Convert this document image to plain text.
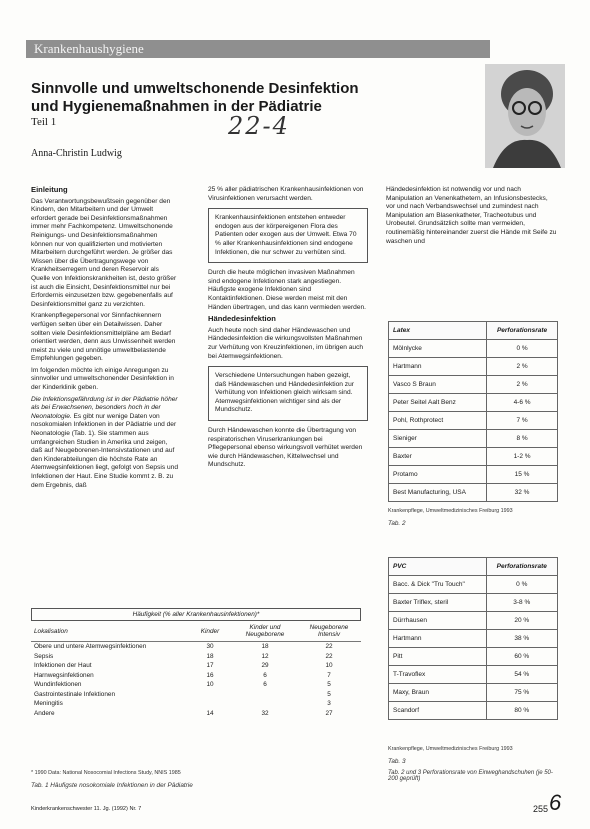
Krankenhaushygiene
Sinnvolle und umweltschonende Desinfektion
und Hygienemaßnahmen in der Pädiatrie
Teil 1	22-4
Anna-Christin Ludwig
Einleitung

Das Verantwortungsbewußtsein gegenüber den Kindern, den Mitarbeitern und der Umwelt erfordert gerade bei Desinfektionsmaßnahmen immer mehr Fachkompetenz. Umweltschonende Reinigungs- und Desinfektionsmaßnahmen können nur von qualifizierten und motivierten Mitarbeitern durchgeführt werden. Je größer das Wissen über die Übertragungswege von Krankheitserregern und deren Reservoir als Quelle von Infektionskrankheiten ist, desto größer ist auch die Einsicht, Desinfektionsmittel nur bei Erfordernis einzusetzen bzw. gegebenenfalls auf Desinfektionsmittel ganz zu verzichten.

Krankenpflegepersonal vor Sinnfachkennern verfügen selten über ein Detailwissen. Daher sollten viele Desinfektionsmittelpläne am Bedarf orientiert werden, denn aus Unwissenheit werden meist zu viele und unnötige umweltbelastende Empfehlungen gegeben.

Im folgenden möchte ich einige Anregungen zu sinnvoller und umweltschonender Desinfektion in der Kinderklinik geben.

Die Infektionsgefährdung ist in der Pädiatrie höher als bei Erwachsenen, besonders hoch in der Neonatologie. Es gibt nur wenige Daten von nosokomialen Infektionen in der Pädiatrie und der Neonatologie (Tab. 1). Sie stammen aus umfangreichen Studien in Amerika und zeigen, daß auf Neugeborenen-Intensivstationen und auf den Kinderabteilungen die höchste Rate an Atemwegsinfektionen liegt, gefolgt von Sepsis und Infektionen der Haut. Eine Studie kommt z. B. zu dem Ergebnis, daß

25 % aller pädiatrischen Krankenhausinfektionen von Virusinfektionen verursacht werden.

Krankenhausinfektionen entstehen entweder endogen aus der körpereigenen Flora des Patienten oder exogen aus der Umwelt. Etwa 70 % aller Krankenhausinfektionen sind endogene Infektionen, die nur schwer zu verhüten sind.

Durch die heute möglichen invasiven Maßnahmen sind endogene Infektionen stark angestiegen. Häufigste exogene Infektionen sind Kontaktinfektionen. Diese werden meist mit den Händen übertragen, und das kann vermieden werden.

Händedesinfektion

Auch heute noch sind daher Händewaschen und Händedesinfektion die wirkungsvollsten Maßnahmen zur Verhütung von Kreuzinfektionen, im übrigen auch bei Atemwegsinfektionen.

Verschiedene Untersuchungen haben gezeigt, daß Händewaschen und Händedesinfektion zur Verhütung von Infektionen gleich wirksam sind. Atemwegsinfektionen wichtiger sind als der Mundschutz.

Durch Händewaschen konnte die Übertragung von respiratorischen Viruserkrankungen bei Pflegepersonal ebenso wirkungsvoll verhütet werden wie durch Händewaschen, Kittelwechsel und Mundschutz.

Händedesinfektion ist notwendig vor und nach Manipulation an Venenkathetern, an Infusionsbestecks, vor und nach Verbandswechsel und zumindest nach Manipulation am Blasenkatheter, Tracheotubus und Urobeutel. Grundsätzlich sollte man vermeiden, routinemäßig hintereinander zuerst die Hände mit Seife zu waschen und

Latex	Perforationsrate
Mölnlycke	0 %
Hartmann	2 %
Vasco S Braun	2 %
Peter Seitel Aalt Benz	4-6 %
Pohl, Rothprotect	7 %
Sieniger	8 %
Baxter	1-2 %
Protamo	15 %
Best Manufacturing, USA	32 %
Krankenpflege, Umweltmedizinisches Freiburg 1993
Tab. 2
PVC	Perforationsrate
Bacc. & Dick "Tru Touch"	0 %
Baxter Triflex, steril	3-8 %
Dürrhausen	20 %
Hartmann	38 %
Pitt	60 %
T-Travoflex	54 %
Maxy, Braun	75 %
Scandorf	80 %
Krankenpflege, Umweltmedizinisches Freiburg 1993
Tab. 3
Tab. 2 und 3 Perforationsrate von Einweghandschuhen (je 50-200 geprüft)
Häufigkeit (% aller Krankenhausinfektionen)*
Lokalisation	Kinder	Kinder und Neugeborene	Neugeborene Intensiv
Obere und untere Atemwegsinfektionen	30	18	22
Sepsis	18	12	22
Infektionen der Haut	17	29	10
Harnwegsinfektionen	16	6	7
Wundinfektionen	10	6	5
Gastrointestinale Infektionen			5
Meningitis			3
Andere	14	32	27
* 1990 Data: National Nosocomial Infections Study, NNIS 1985
Tab. 1 Häufigste nosokomiale Infektionen in der Pädiatrie
Kinderkrankenschwester 11. Jg. (1992) Nr. 7	255 6
